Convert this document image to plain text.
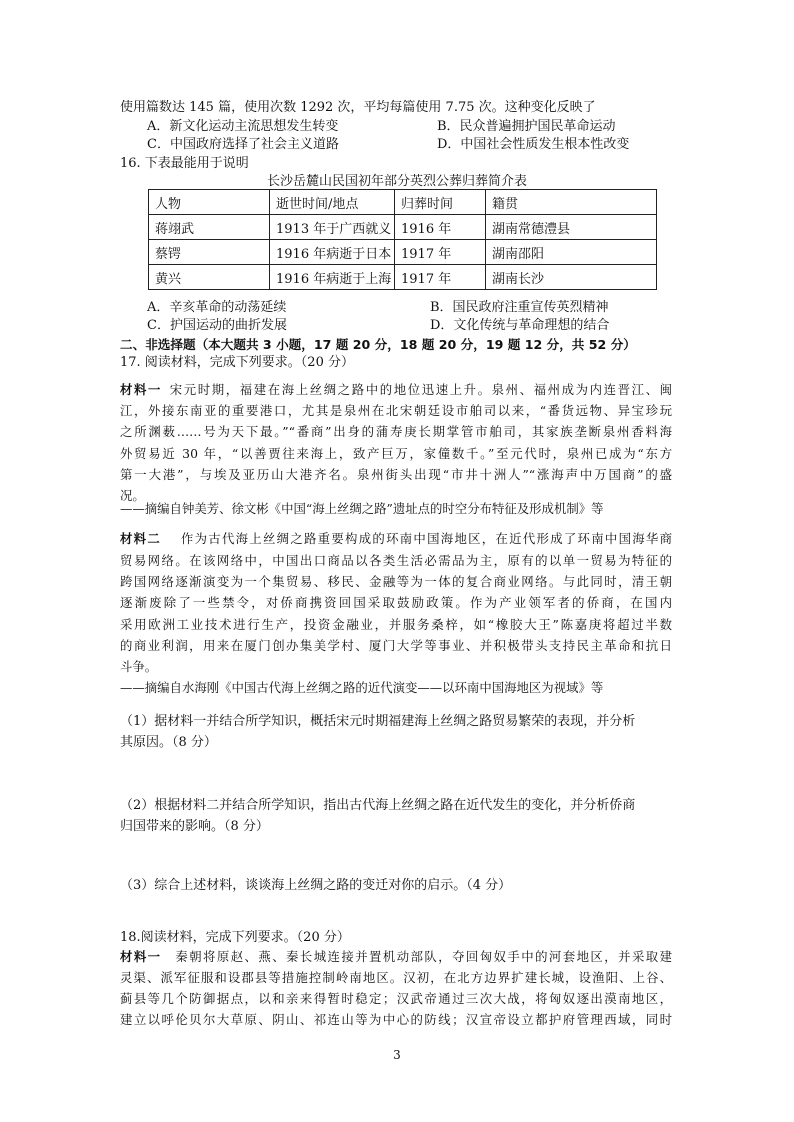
使用篇数达 145 篇，使用次数 1292 次，平均每篇使用 7.75 次。这种变化反映了
A．新文化运动主流思想发生转变	B．民众普遍拥护国民革命运动
C．中国政府选择了社会主义道路	D．中国社会性质发生根本性改变
16. 下表最能用于说明
长沙岳麓山民国初年部分英烈公葬归葬简介表
人物	逝世时间/地点	归葬时间	籍贯
蒋翊武	1913 年于广西就义	1916 年	湖南常德澧县
蔡锷	1916 年病逝于日本	1917 年	湖南邵阳
黄兴	1916 年病逝于上海	1917 年	湖南长沙
A．辛亥革命的动荡延续	B．国民政府注重宣传英烈精神
C．护国运动的曲折发展	D．文化传统与革命理想的结合
二、非选择题（本大题共 3 小题，17 题 20 分，18 题 20 分，19 题 12 分，共 52 分）
17. 阅读材料，完成下列要求。（20 分）
材料一  宋元时期，福建在海上丝绸之路中的地位迅速上升。泉州、福州成为内连晋江、闽
江，外接东南亚的重要港口，尤其是泉州在北宋朝廷设市舶司以来，“番货远物、异宝珍玩
之所渊薮……号为天下最。”“番商”出身的蒲寿庚长期掌管市舶司，其家族垄断泉州香料海
外贸易近 30 年，“以善贾往来海上，致产巨万，家僮数千。”至元代时，泉州已成为“东方
第一大港”，与埃及亚历山大港齐名。泉州街头出现“市井十洲人”“涨海声中万国商”的盛
况。
——摘编自钟美芳、徐文彬《中国“海上丝绸之路”遗址点的时空分布特征及形成机制》等
材料二   作为古代海上丝绸之路重要构成的环南中国海地区，在近代形成了环南中国海华商
贸易网络。在该网络中，中国出口商品以各类生活必需品为主，原有的以单一贸易为特征的
跨国网络逐渐演变为一个集贸易、移民、金融等为一体的复合商业网络。与此同时，清王朝
逐渐废除了一些禁令，对侨商携资回国采取鼓励政策。作为产业领军者的侨商，在国内
采用欧洲工业技术进行生产，投资金融业，并服务桑梓，如“橡胶大王”陈嘉庚将超过半数
的商业利润，用来在厦门创办集美学村、厦门大学等事业、并积极带头支持民主革命和抗日
斗争。
——摘编自水海刚《中国古代海上丝绸之路的近代演变——以环南中国海地区为视域》等
（1）据材料一并结合所学知识，概括宋元时期福建海上丝绸之路贸易繁荣的表现，并分析
其原因。（8 分）
（2）根据材料二并结合所学知识，指出古代海上丝绸之路在近代发生的变化，并分析侨商
归国带来的影响。（8 分）
（3）综合上述材料，谈谈海上丝绸之路的变迁对你的启示。（4 分）
18.阅读材料，完成下列要求。（20 分）
材料一  秦朝将原赵、燕、秦长城连接并置机动部队，夺回匈奴手中的河套地区，并采取建
灵渠、派军征服和设郡县等措施控制岭南地区。汉初，在北方边界扩建长城，设渔阳、上谷、
蓟县等几个防御据点，以和亲来得暂时稳定；汉武帝通过三次大战，将匈奴逐出漠南地区，
建立以呼伦贝尔大草原、阴山、祁连山等为中心的防线；汉宣帝设立都护府管理西域，同时
3
